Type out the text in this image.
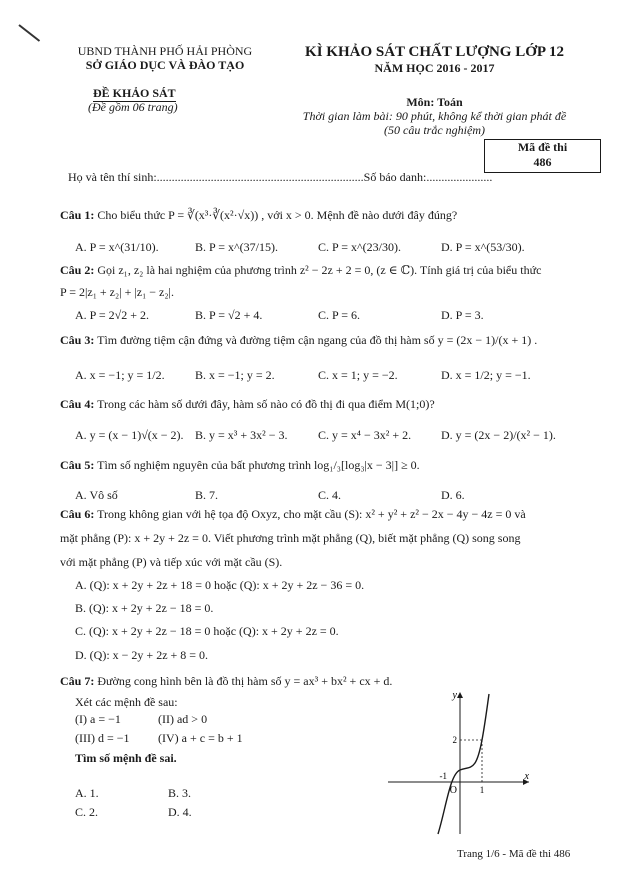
UBND THÀNH PHỐ HẢI PHÒNG
SỞ GIÁO DỤC VÀ ĐÀO TẠO
KÌ KHẢO SÁT CHẤT LƯỢNG LỚP 12
NĂM HỌC 2016 - 2017
ĐỀ KHẢO SÁT
(Đề gồm 06 trang)	Môn: Toán
Thời gian làm bài: 90 phút, không kể thời gian phát đề
(50 câu trắc nghiệm)
Mã đề thi
486
Họ và tên thí sinh:.....................................................................Số báo danh:......................
Câu 1: Cho biểu thức P = ∛(x³·∛(x²·√x)) , với x > 0. Mệnh đề nào dưới đây đúng?
A. P = x^(31/10).	B. P = x^(37/15).	C. P = x^(23/30).	D. P = x^(53/30).
Câu 2: Gọi z₁, z₂ là hai nghiệm của phương trình z² − 2z + 2 = 0, (z ∈ ℂ). Tính giá trị của biểu thức
P = 2|z₁ + z₂| + |z₁ − z₂|.
A. P = 2√2 + 2.	B. P = √2 + 4.	C. P = 6.	D. P = 3.
Câu 3: Tìm đường tiệm cận đứng và đường tiệm cận ngang của đồ thị hàm số y = (2x − 1)/(x + 1) .
A. x = −1; y = 1/2.	B. x = −1; y = 2.	C. x = 1; y = −2.	D. x = 1/2; y = −1.
Câu 4: Trong các hàm số dưới đây, hàm số nào có đồ thị đi qua điểm M(1;0)?
A. y = (x − 1)√(x − 2). B. y = x³ + 3x² − 3.	C. y = x⁴ − 3x² + 2. D. y = (2x − 2)/(x² − 1).
Câu 5: Tìm số nghiệm nguyên của bất phương trình log₁/₃[log₃|x − 3|] ≥ 0.
A. Vô số	B. 7.	C. 4.	D. 6.
Câu 6: Trong không gian với hệ tọa độ Oxyz, cho mặt cầu (S): x² + y² + z² − 2x − 4y − 4z = 0 và
mặt phẳng (P): x + 2y + 2z = 0. Viết phương trình mặt phẳng (Q), biết mặt phẳng (Q) song song
với mặt phẳng (P) và tiếp xúc với mặt cầu (S).
A. (Q): x + 2y + 2z + 18 = 0 hoặc (Q): x + 2y + 2z − 36 = 0.
B. (Q): x + 2y + 2z − 18 = 0.
C. (Q): x + 2y + 2z − 18 = 0 hoặc (Q): x + 2y + 2z = 0.
D. (Q): x − 2y + 2z + 8 = 0.
Câu 7: Đường cong hình bên là đồ thị hàm số y = ax³ + bx² + cx + d.
Xét các mệnh đề sau:
(I) a = −1	(II) ad > 0
(III) d = −1 (IV) a + c = b + 1
Tìm số mệnh đề sai.
A. 1.	B. 3.
C. 2.	D. 4.
y
x
O
-1
1
2
Trang 1/6 - Mã đề thi 486
